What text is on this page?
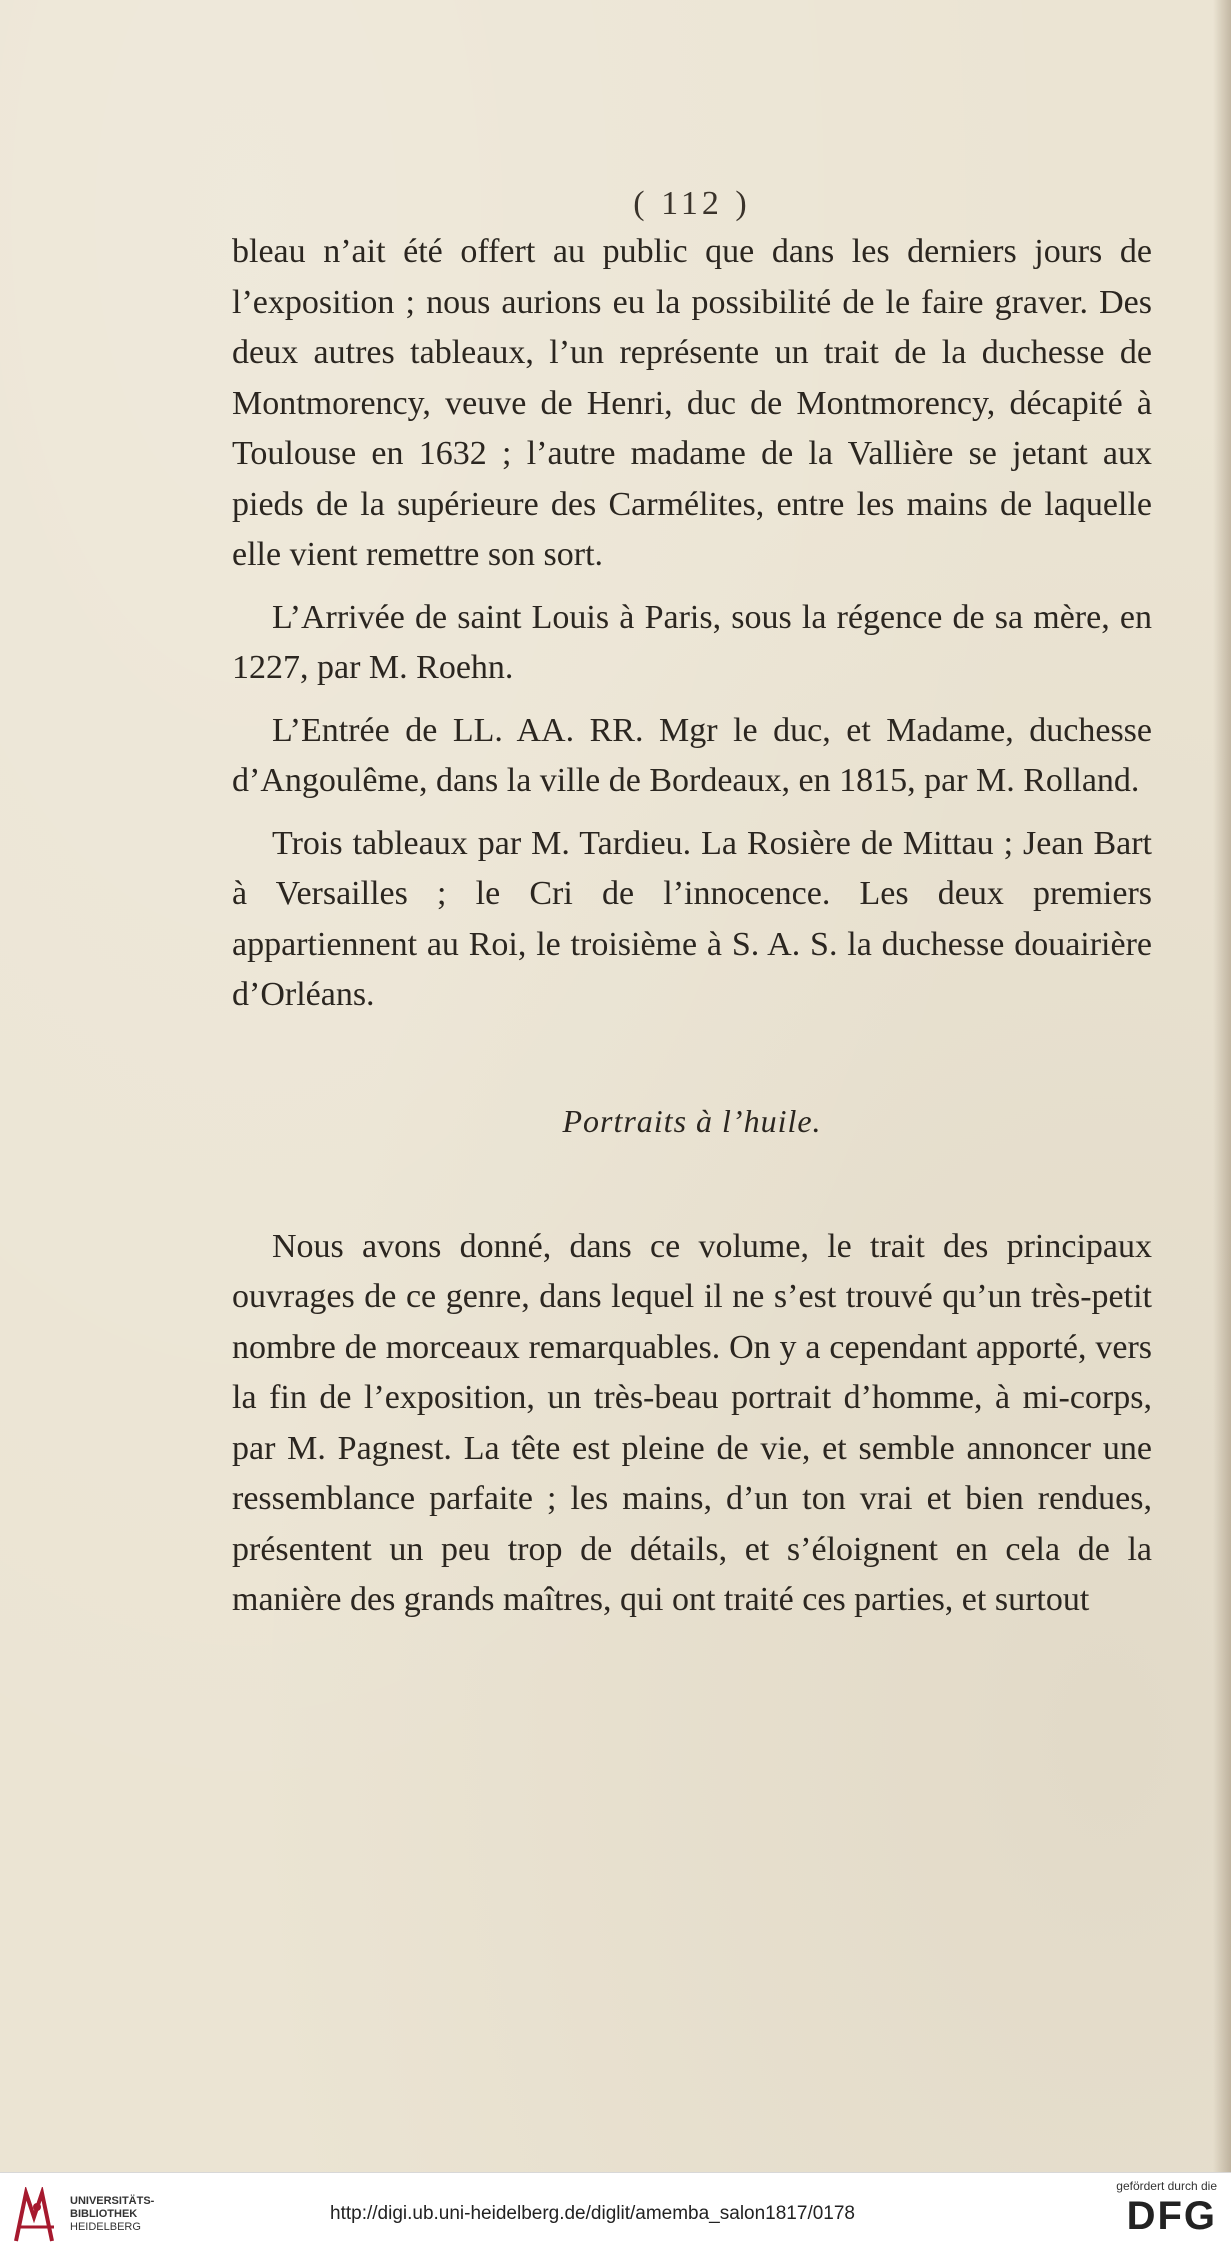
( 112 )

bleau n’ait été offert au public que dans les derniers jours de l’exposition ; nous aurions eu la possibilité de le faire graver. Des deux autres tableaux, l’un représente un trait de la duchesse de Montmorency, veuve de Henri, duc de Montmorency, décapité à Toulouse en 1632 ; l’autre madame de la Vallière se jetant aux pieds de la supérieure des Carmélites, entre les mains de laquelle elle vient remettre son sort.

L’Arrivée de saint Louis à Paris, sous la régence de sa mère, en 1227, par M. Roehn.

L’Entrée de LL. AA. RR. Mgr le duc, et Madame, duchesse d’Angoulême, dans la ville de Bordeaux, en 1815, par M. Rolland.

Trois tableaux par M. Tardieu. La Rosière de Mittau ; Jean Bart à Versailles ; le Cri de l’innocence. Les deux premiers appartiennent au Roi, le troisième à S. A. S. la duchesse douairière d’Orléans.

Portraits à l’huile.

Nous avons donné, dans ce volume, le trait des principaux ouvrages de ce genre, dans lequel il ne s’est trouvé qu’un très-petit nombre de morceaux remarquables. On y a cependant apporté, vers la fin de l’exposition, un très-beau portrait d’homme, à mi-corps, par M. Pagnest. La tête est pleine de vie, et semble annoncer une ressemblance parfaite ; les mains, d’un ton vrai et bien rendues, présentent un peu trop de détails, et s’éloignent en cela de la manière des grands maîtres, qui ont traité ces parties, et surtout

UNIVERSITÄTS-
BIBLIOTHEK
HEIDELBERG
http://digi.ub.uni-heidelberg.de/diglit/amemba_salon1817/0178
gefördert durch die
DFG
